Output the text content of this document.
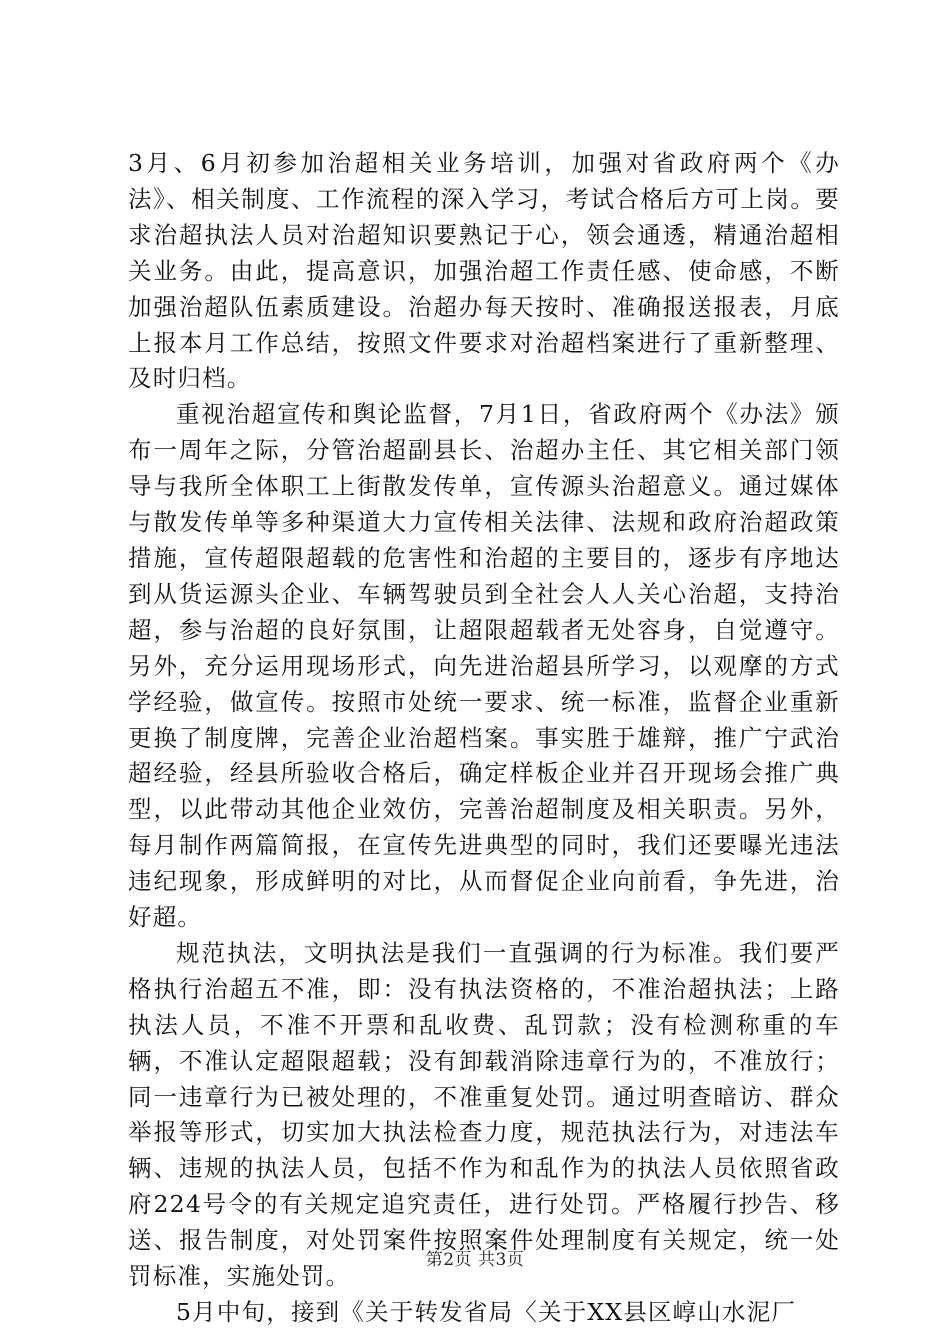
3月、6月初参加治超相关业务培训，加强对省政府两个《办法》、相关制度、工作流程的深入学习，考试合格后方可上岗。要求治超执法人员对治超知识要熟记于心，领会通透，精通治超相关业务。由此，提高意识，加强治超工作责任感、使命感，不断加强治超队伍素质建设。治超办每天按时、准确报送报表，月底上报本月工作总结，按照文件要求对治超档案进行了重新整理、及时归档。

重视治超宣传和舆论监督，7月1日，省政府两个《办法》颁布一周年之际，分管治超副县长、治超办主任、其它相关部门领导与我所全体职工上街散发传单，宣传源头治超意义。通过媒体与散发传单等多种渠道大力宣传相关法律、法规和政府治超政策措施，宣传超限超载的危害性和治超的主要目的，逐步有序地达到从货运源头企业、车辆驾驶员到全社会人人关心治超，支持治超，参与治超的良好氛围，让超限超载者无处容身，自觉遵守。另外，充分运用现场形式，向先进治超县所学习，以观摩的方式学经验，做宣传。按照市处统一要求、统一标准，监督企业重新更换了制度牌，完善企业治超档案。事实胜于雄辩，推广宁武治超经验，经县所验收合格后，确定样板企业并召开现场会推广典型，以此带动其他企业效仿，完善治超制度及相关职责。另外，每月制作两篇简报，在宣传先进典型的同时，我们还要曝光违法违纪现象，形成鲜明的对比，从而督促企业向前看，争先进，治好超。

规范执法，文明执法是我们一直强调的行为标准。我们要严格执行治超五不准，即：没有执法资格的，不准治超执法；上路执法人员，不准不开票和乱收费、乱罚款；没有检测称重的车辆，不准认定超限超载；没有卸载消除违章行为的，不准放行；同一违章行为已被处理的，不准重复处罚。通过明查暗访、群众举报等形式，切实加大执法检查力度，规范执法行为，对违法车辆、违规的执法人员，包括不作为和乱作为的执法人员依照省政府224号令的有关规定追究责任，进行处罚。严格履行抄告、移送、报告制度，对处罚案件按照案件处理制度有关规定，统一处罚标准，实施处罚。

5月中旬，接到《关于转发省局〈关于XX县区崞山水泥厂

第2页 共3页
